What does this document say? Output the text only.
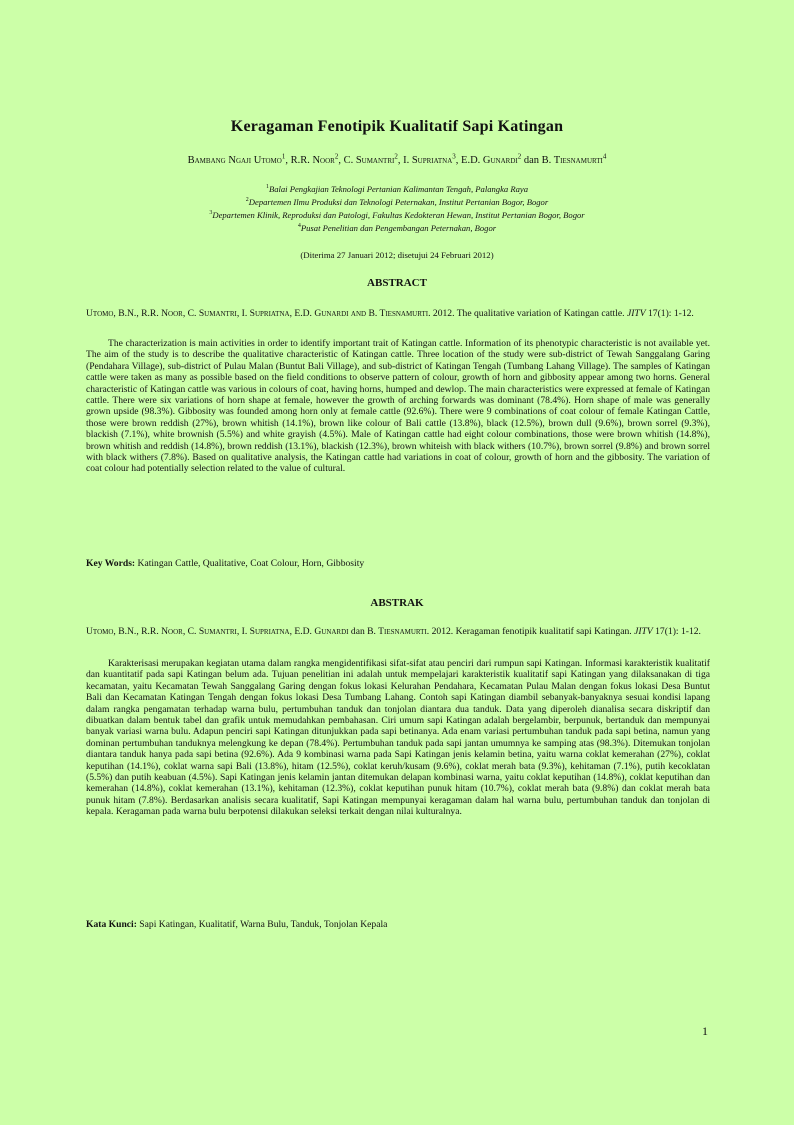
Keragaman Fenotipik Kualitatif Sapi Katingan
Bambang Ngaji Utomo$^1$, R.R. Noor$^2$, C. Sumantri$^2$, I. Supriatna$^3$, E.D. Gunardi$^2$ dan B. Tiesnamurti$^4$
$^1$Balai Pengkajian Teknologi Pertanian Kalimantan Tengah, Palangka Raya
$^2$Departemen Ilmu Produksi dan Teknologi Peternakan, Institut Pertanian Bogor, Bogor
$^3$Departemen Klinik, Reproduksi dan Patologi, Fakultas Kedokteran Hewan, Institut Pertanian Bogor, Bogor
$^4$Pusat Penelitian dan Pengembangan Peternakan, Bogor
(Diterima 27 Januari 2012; disetujui 24 Februari 2012)
ABSTRACT
Utomo, B.N., R.R. Noor, C. Sumantri, I. Supriatna, E.D. Gunardi and B. Tiesnamurti. 2012. The qualitative variation of Katingan cattle. JITV 17(1): 1-12.
The characterization is main activities in order to identify important trait of Katingan cattle. Information of its phenotypic characteristic is not available yet. The aim of the study is to describe the qualitative characteristic of Katingan cattle. Three location of the study were sub-district of Tewah Sanggalang Garing (Pendahara Village), sub-district of Pulau Malan (Buntut Bali Village), and sub-district of Katingan Tengah (Tumbang Lahang Village). The samples of Katingan cattle were taken as many as possible based on the field conditions to observe pattern of colour, growth of horn and gibbosity appear among two horns. General characteristic of Katingan cattle was various in colours of coat, having horns, humped and dewlop. The main characteristics were expressed at female of Katingan cattle. There were six variations of horn shape at female, however the growth of arching forwards was dominant (78.4%). Horn shape of male was generally grown upside (98.3%). Gibbosity was founded among horn only at female cattle (92.6%). There were 9 combinations of coat colour of female Katingan Cattle, those were brown reddish (27%), brown whitish (14.1%), brown like colour of Bali cattle (13.8%), black (12.5%), brown dull (9.6%), brown sorrel (9.3%), blackish (7.1%), white brownish (5.5%) and white grayish (4.5%). Male of Katingan cattle had eight colour combinations, those were brown whitish (14.8%), brown whitish and reddish (14.8%), brown reddish (13.1%), blackish (12.3%), brown whiteish with black withers (10.7%), brown sorrel (9.8%) and brown sorrel with black withers (7.8%). Based on qualitative analysis, the Katingan cattle had variations in coat of colour, growth of horn and the gibbosity. The variation of coat colour had potentially selection related to the value of cultural.
Key Words: Katingan Cattle, Qualitative, Coat Colour, Horn, Gibbosity
ABSTRAK
Utomo, B.N., R.R. Noor, C. Sumantri, I. Supriatna, E.D. Gunardi dan B. Tiesnamurti. 2012. Keragaman fenotipik kualitatif sapi Katingan. JITV 17(1): 1-12.
Karakterisasi merupakan kegiatan utama dalam rangka mengidentifikasi sifat-sifat atau penciri dari rumpun sapi Katingan. Informasi karakteristik kualitatif dan kuantitatif pada sapi Katingan belum ada. Tujuan penelitian ini adalah untuk mempelajari karakteristik kualitatif sapi Katingan yang dilaksanakan di tiga kecamatan, yaitu Kecamatan Tewah Sanggalang Garing dengan fokus lokasi Kelurahan Pendahara, Kecamatan Pulau Malan dengan fokus lokasi Desa Buntut Bali dan Kecamatan Katingan Tengah dengan fokus lokasi Desa Tumbang Lahang. Contoh sapi Katingan diambil sebanyak-banyaknya sesuai kondisi lapang dalam rangka pengamatan terhadap warna bulu, pertumbuhan tanduk dan tonjolan diantara dua tanduk. Data yang diperoleh dianalisa secara diskriptif dan dibuatkan dalam bentuk tabel dan grafik untuk memudahkan pembahasan. Ciri umum sapi Katingan adalah bergelambir, berpunuk, bertanduk dan mempunyai banyak variasi warna bulu. Adapun penciri sapi Katingan ditunjukkan pada sapi betinanya. Ada enam variasi pertumbuhan tanduk pada sapi betina, namun yang dominan pertumbuhan tanduknya melengkung ke depan (78.4%). Pertumbuhan tanduk pada sapi jantan umumnya ke samping atas (98.3%). Ditemukan tonjolan diantara tanduk hanya pada sapi betina (92.6%). Ada 9 kombinasi warna pada Sapi Katingan jenis kelamin betina, yaitu warna coklat kemerahan (27%), coklat keputihan (14.1%), coklat warna sapi Bali (13.8%), hitam (12.5%), coklat keruh/kusam (9.6%), coklat merah bata (9.3%), kehitaman (7.1%), putih kecoklatan (5.5%) dan putih keabuan (4.5%). Sapi Katingan jenis kelamin jantan ditemukan delapan kombinasi warna, yaitu coklat keputihan (14.8%), coklat keputihan dan kemerahan (14.8%), coklat kemerahan (13.1%), kehitaman (12.3%), coklat keputihan punuk hitam (10.7%), coklat merah bata (9.8%) dan coklat merah bata punuk hitam (7.8%). Berdasarkan analisis secara kualitatif, Sapi Katingan mempunyai keragaman dalam hal warna bulu, pertumbuhan tanduk dan tonjolan di kepala. Keragaman pada warna bulu berpotensi dilakukan seleksi terkait dengan nilai kulturalnya.
Kata Kunci: Sapi Katingan, Kualitatif, Warna Bulu, Tanduk, Tonjolan Kepala
1
